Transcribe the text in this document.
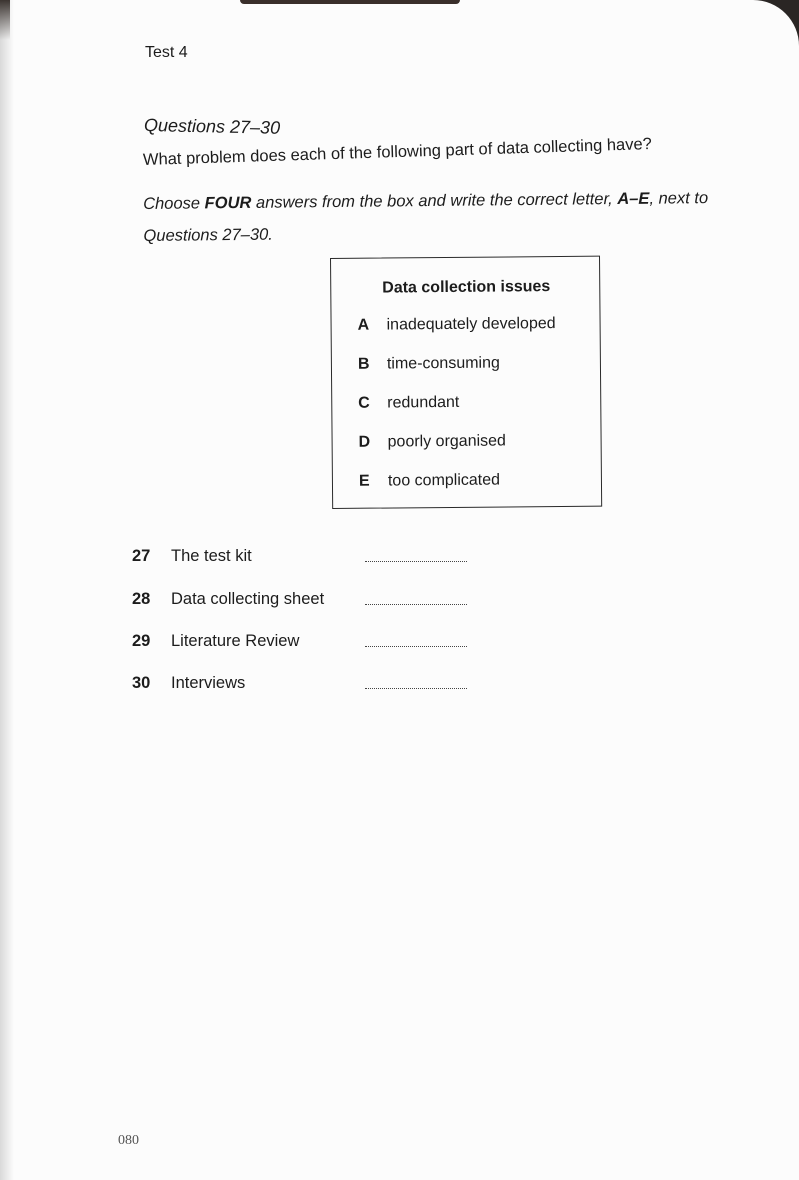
Test 4
Questions 27–30
What problem does each of the following part of data collecting have?
Choose FOUR answers from the box and write the correct letter, A–E, next to Questions 27–30.
Data collection issues
A inadequately developed
B time-consuming
C redundant
D poorly organised
E too complicated
27 The test kit
28 Data collecting sheet
29 Literature Review
30 Interviews
080
